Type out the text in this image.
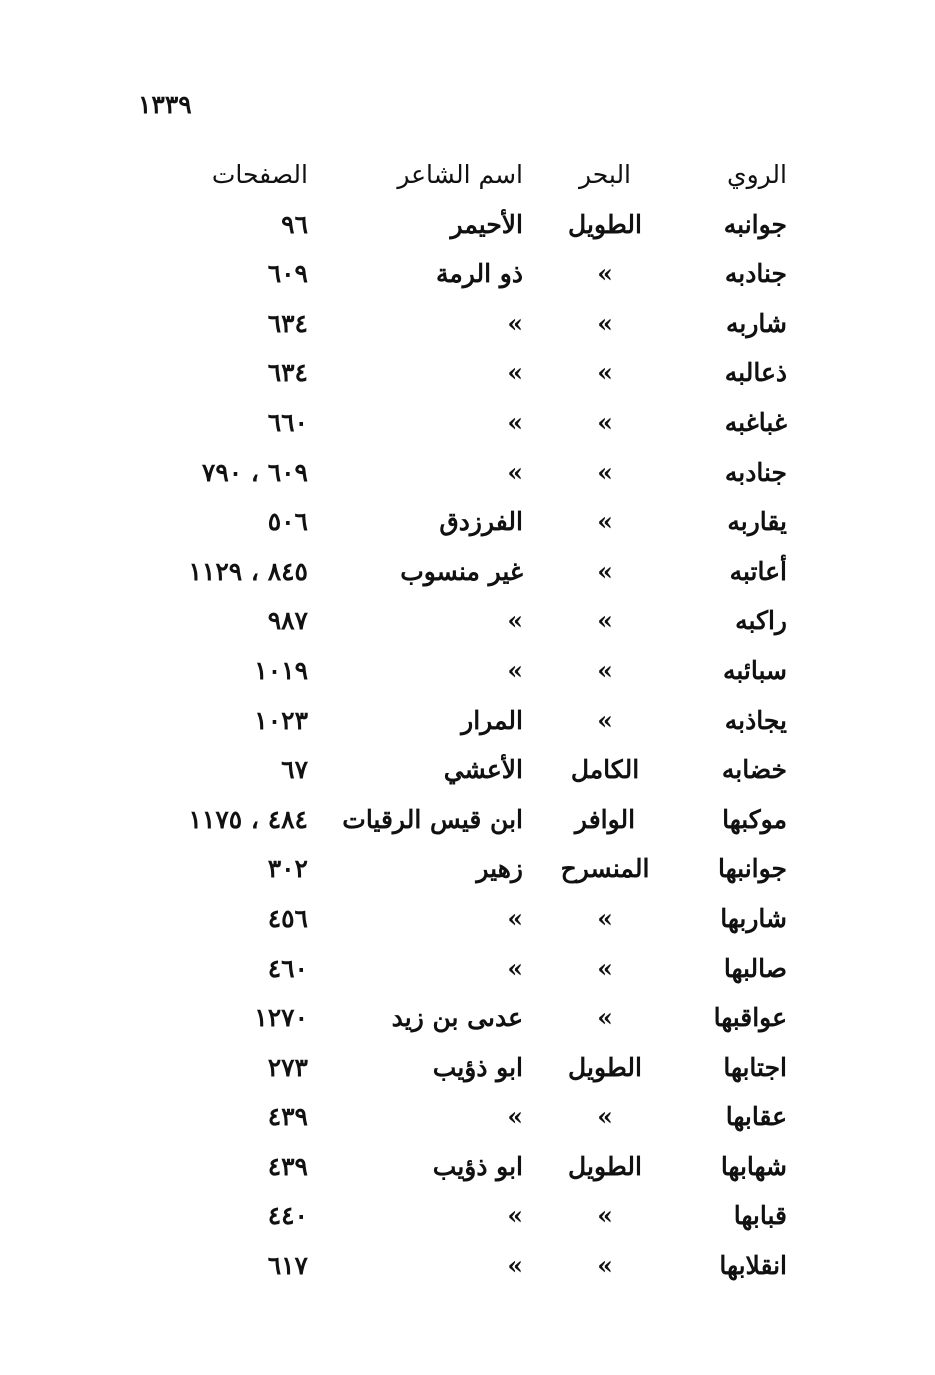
١٣٣٩
الروي
البحر
اسم الشاعر
الصفحات
جوانبه
الطويل
الأحيمر
٩٦
جنادبه
»
ذو الرمة
٦٠٩
شاربه
»
»
٦٣٤
ذعالبه
»
»
٦٣٤
غباغبه
»
»
٦٦٠
جنادبه
»
»
٦٠٩ ، ٧٩٠
يقاربه
»
الفرزدق
٥٠٦
أعاتبه
»
غير منسوب
٨٤٥ ، ١١٢٩
راكبه
»
»
٩٨٧
سبائبه
»
»
١٠١٩
يجاذبه
»
المرار
١٠٢٣
خضابه
الكامل
الأعشي
٦٧
موكبها
الوافر
ابن قيس الرقيات
٤٨٤ ، ١١٧٥
جوانبها
المنسرح
زهير
٣٠٢
شاربها
»
»
٤٥٦
صالبها
»
»
٤٦٠
عواقبها
»
عدىی بن زيد
١٢٧٠
اجتابها
الطويل
ابو ذؤيب
٢٧٣
عقابها
»
»
٤٣٩
شهابها
الطويل
ابو ذؤيب
٤٣٩
قبابها
»
»
٤٤٠
انقلابها
»
»
٦١٧
